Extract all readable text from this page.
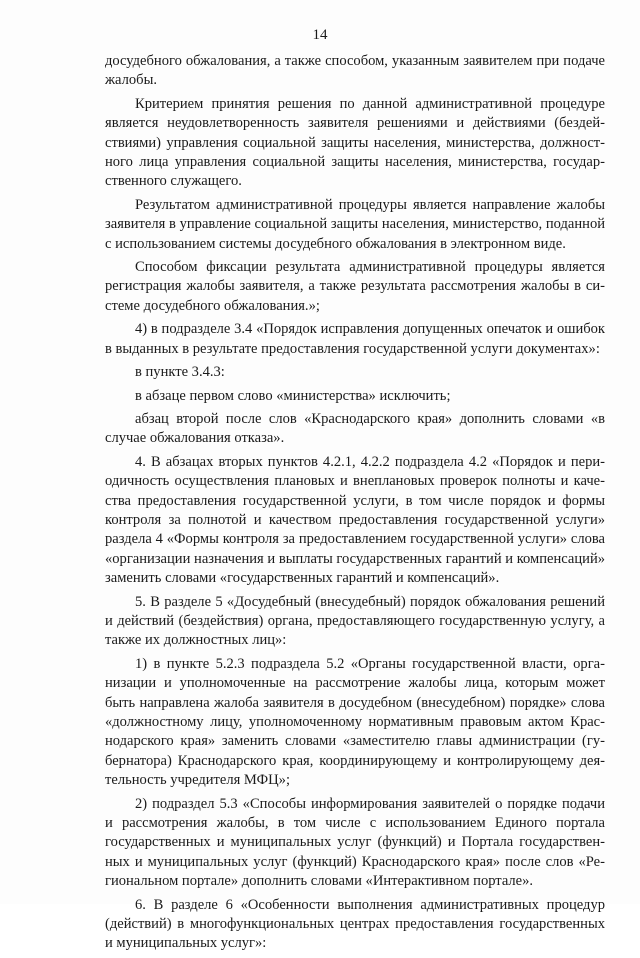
14

досудебного обжалования, а также способом, указанным заявителем при подаче жалобы.

Критерием принятия решения по данной административной процедуре является неудовлетворенность заявителя решениями и действиями (бездействиями) управления социальной защиты населения, министерства, должностного лица управления социальной защиты населения, министерства, государственного служащего.

Результатом административной процедуры является направление жалобы заявителя в управление социальной защиты населения, министерство, поданной с использованием системы досудебного обжалования в электронном виде.

Способом фиксации результата административной процедуры является регистрация жалобы заявителя, а также результата рассмотрения жалобы в системе досудебного обжалования.»;

4) в подразделе 3.4 «Порядок исправления допущенных опечаток и ошибок в выданных в результате предоставления государственной услуги документах»:

в пункте 3.4.3:

в абзаце первом слово «министерства» исключить;

абзац второй после слов «Краснодарского края» дополнить словами «в случае обжалования отказа».

4. В абзацах вторых пунктов 4.2.1, 4.2.2 подраздела 4.2 «Порядок и периодичность осуществления плановых и внеплановых проверок полноты и качества предоставления государственной услуги, в том числе порядок и формы контроля за полнотой и качеством предоставления государственной услуги» раздела 4 «Формы контроля за предоставлением государственной услуги» слова «организации назначения и выплаты государственных гарантий и компенсаций» заменить словами «государственных гарантий и компенсаций».

5. В разделе 5 «Досудебный (внесудебный) порядок обжалования решений и действий (бездействия) органа, предоставляющего государственную услугу, а также их должностных лиц»:

1) в пункте 5.2.3 подраздела 5.2 «Органы государственной власти, организации и уполномоченные на рассмотрение жалобы лица, которым может быть направлена жалоба заявителя в досудебном (внесудебном) порядке» слова «должностному лицу, уполномоченному нормативным правовым актом Краснодарского края» заменить словами «заместителю главы администрации (губернатора) Краснодарского края, координирующему и контролирующему деятельность учредителя МФЦ»;

2) подраздел 5.3 «Способы информирования заявителей о порядке подачи и рассмотрения жалобы, в том числе с использованием Единого портала государственных и муниципальных услуг (функций) и Портала государственных и муниципальных услуг (функций) Краснодарского края» после слов «Региональном портале» дополнить словами «Интерактивном портале».

6. В разделе 6 «Особенности выполнения административных процедур (действий) в многофункциональных центрах предоставления государственных и муниципальных услуг»:
